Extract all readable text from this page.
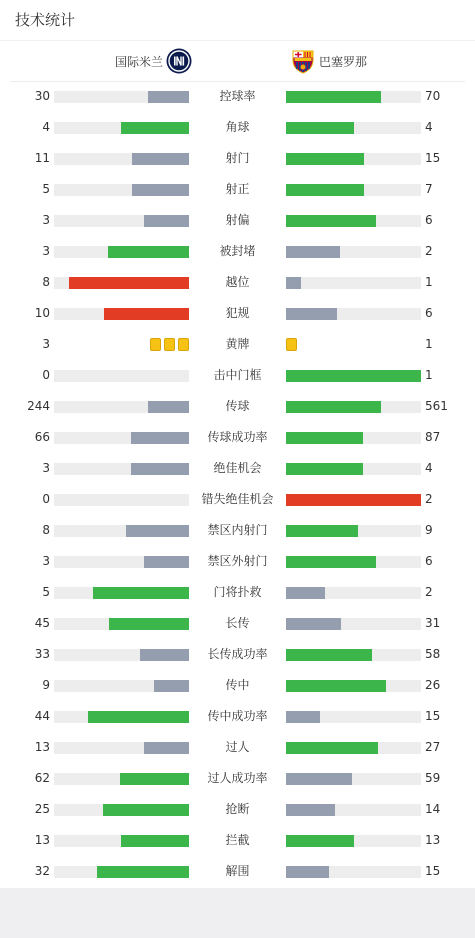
技术统计
国际米兰	巴塞罗那
30	控球率	70
4	角球	4
11	射门	15
5	射正	7
3	射偏	6
3	被封堵	2
8	越位	1
10	犯规	6
3	黄牌	1
0	击中门框	1
244	传球	561
66	传球成功率	87
3	绝佳机会	4
0	错失绝佳机会	2
8	禁区内射门	9
3	禁区外射门	6
5	门将扑救	2
45	长传	31
33	长传成功率	58
9	传中	26
44	传中成功率	15
13	过人	27
62	过人成功率	59
25	抢断	14
13	拦截	13
32	解围	15
